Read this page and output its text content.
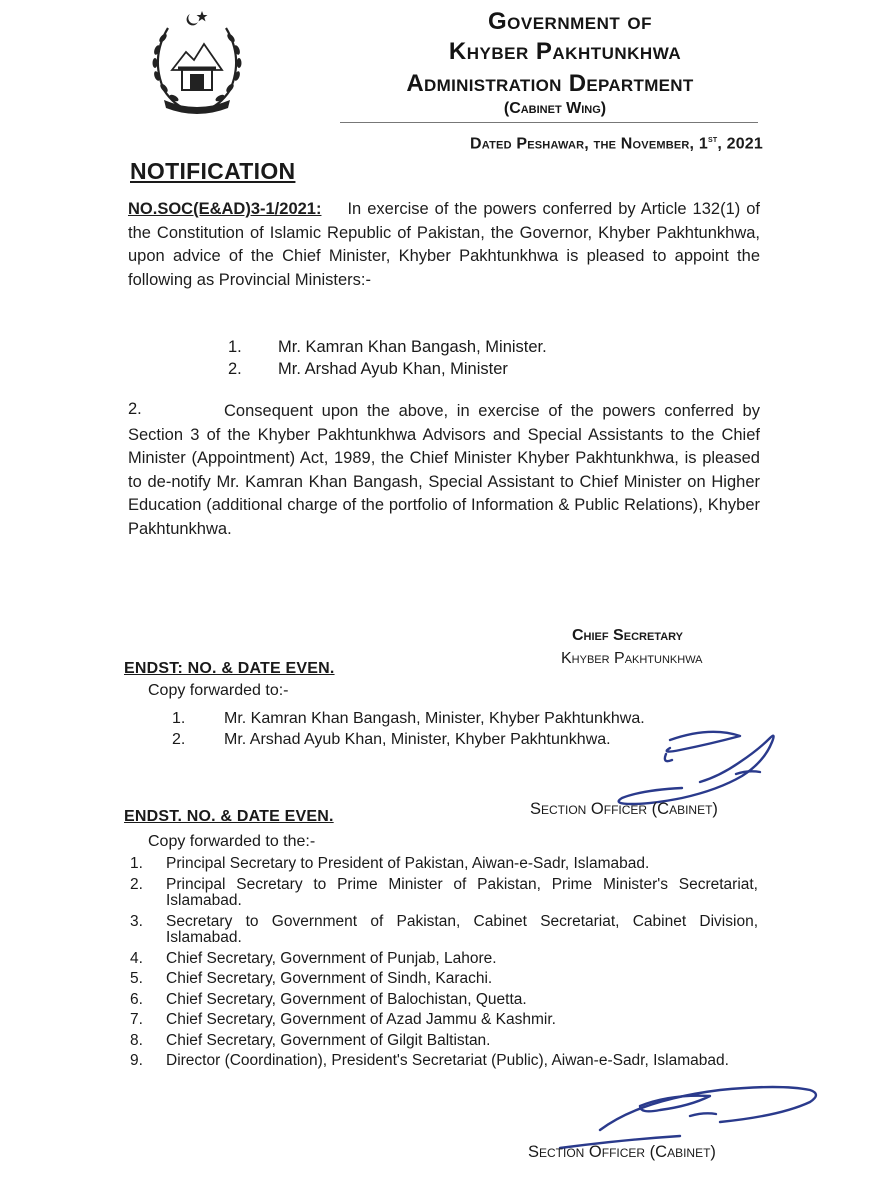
Government of
Khyber Pakhtunkhwa
Administration Department
(Cabinet Wing)
Dated Peshawar, the November, 1st, 2021
NOTIFICATION
NO.SOC(E&AD)3-1/2021: In exercise of the powers conferred by Article 132(1) of the Constitution of Islamic Republic of Pakistan, the Governor, Khyber Pakhtunkhwa, upon advice of the Chief Minister, Khyber Pakhtunkhwa is pleased to appoint the following as Provincial Ministers:-
1. Mr. Kamran Khan Bangash, Minister.
2. Mr. Arshad Ayub Khan, Minister
2.	Consequent upon the above, in exercise of the powers conferred by Section 3 of the Khyber Pakhtunkhwa Advisors and Special Assistants to the Chief Minister (Appointment) Act, 1989, the Chief Minister Khyber Pakhtunkhwa, is pleased to de-notify Mr. Kamran Khan Bangash, Special Assistant to Chief Minister on Higher Education (additional charge of the portfolio of Information & Public Relations), Khyber Pakhtunkhwa.
Chief Secretary
Khyber Pakhtunkhwa
ENDST: NO. & DATE EVEN.
Copy forwarded to:-
1. Mr. Kamran Khan Bangash, Minister, Khyber Pakhtunkhwa.
2. Mr. Arshad Ayub Khan, Minister, Khyber Pakhtunkhwa.
Section Officer (Cabinet)
ENDST. NO. & DATE EVEN.
Copy forwarded to the:-
1. Principal Secretary to President of Pakistan, Aiwan-e-Sadr, Islamabad.
2. Principal Secretary to Prime Minister of Pakistan, Prime Minister's Secretariat, Islamabad.
3. Secretary to Government of Pakistan, Cabinet Secretariat, Cabinet Division, Islamabad.
4. Chief Secretary, Government of Punjab, Lahore.
5. Chief Secretary, Government of Sindh, Karachi.
6. Chief Secretary, Government of Balochistan, Quetta.
7. Chief Secretary, Government of Azad Jammu & Kashmir.
8. Chief Secretary, Government of Gilgit Baltistan.
9. Director (Coordination), President's Secretariat (Public), Aiwan-e-Sadr, Islamabad.
Section Officer (Cabinet)
